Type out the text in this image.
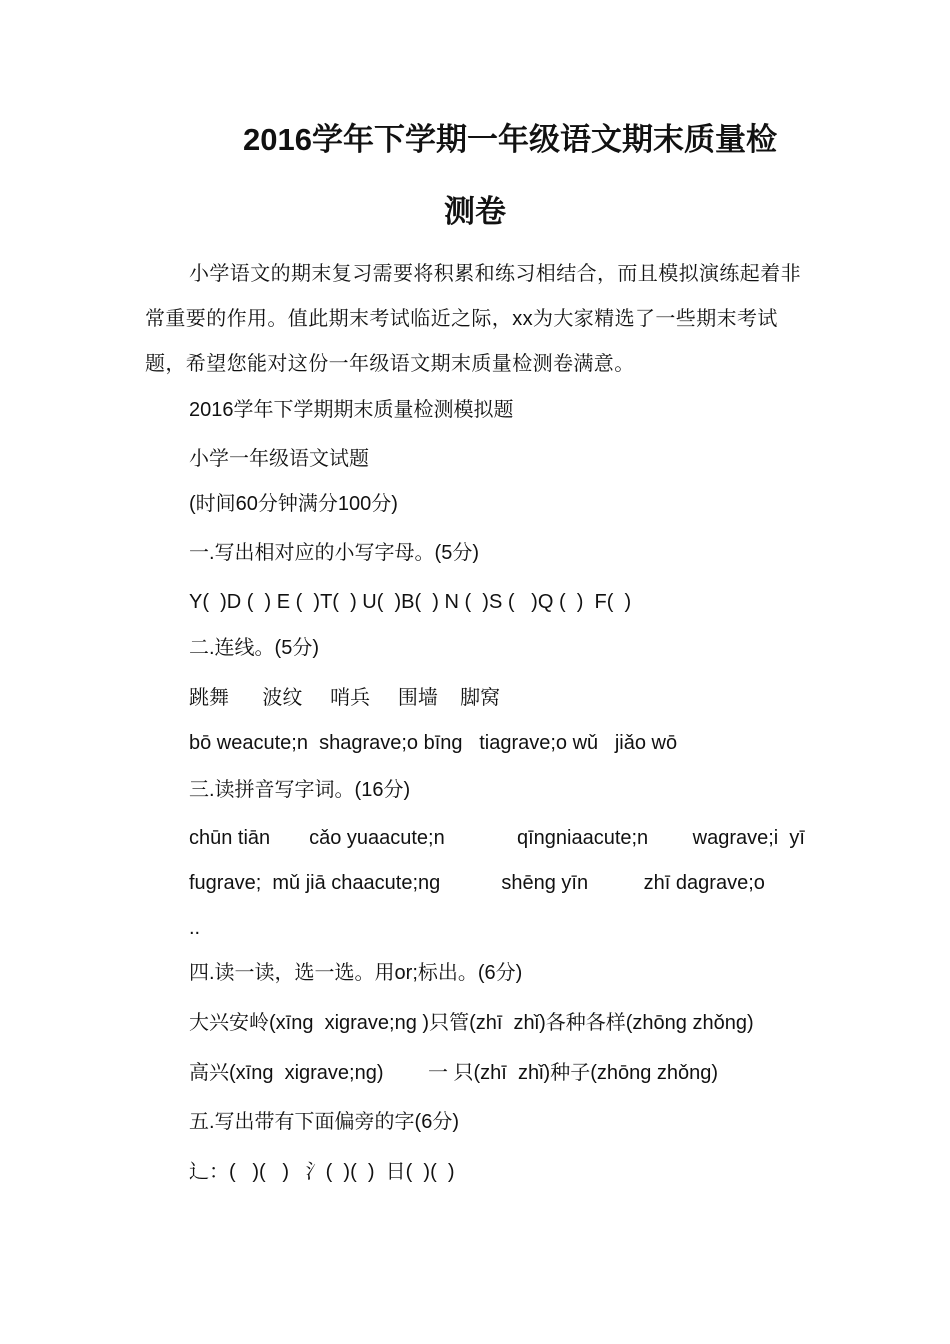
2016学年下学期一年级语文期末质量检
测卷

小学语文的期末复习需要将积累和练习相结合，而且模拟演练起着非常重要的作用。值此期末考试临近之际，xx为大家精选了一些期末考试题，希望您能对这份一年级语文期末质量检测卷满意。

2016学年下学期期末质量检测模拟题

小学一年级语文试题

(时间60分钟满分100分)

一.写出相对应的小写字母。(5分)

Y(  )D (  ) E (  )T(  ) U(  )B(  ) N (  )S (   )Q (  )  F(  )

二.连线。(5分)

跳舞      波纹     哨兵     围墙    脚窝

bō weacute;n  shagrave;o bīng   tiagrave;o wǔ   jiǎo wō

三.读拼音写字词。(16分)

chūn tiān       cǎo yuaacute;n             qīngniaacute;n        wagrave;i  yī

fugrave;  mǔ jiā chaacute;ng           shēng yīn          zhī dagrave;o

..

四.读一读，选一选。用or;标出。(6分)

大兴安岭(xīng  xigrave;ng )只管(zhī  zhǐ)各种各样(zhōng zhǒng)

高兴(xīng  xigrave;ng)        一 只(zhī  zhǐ)种子(zhōng zhǒng)

五.写出带有下面偏旁的字(6分)

辶：(   )(   )   氵(  )(  )  日(  )(  )
